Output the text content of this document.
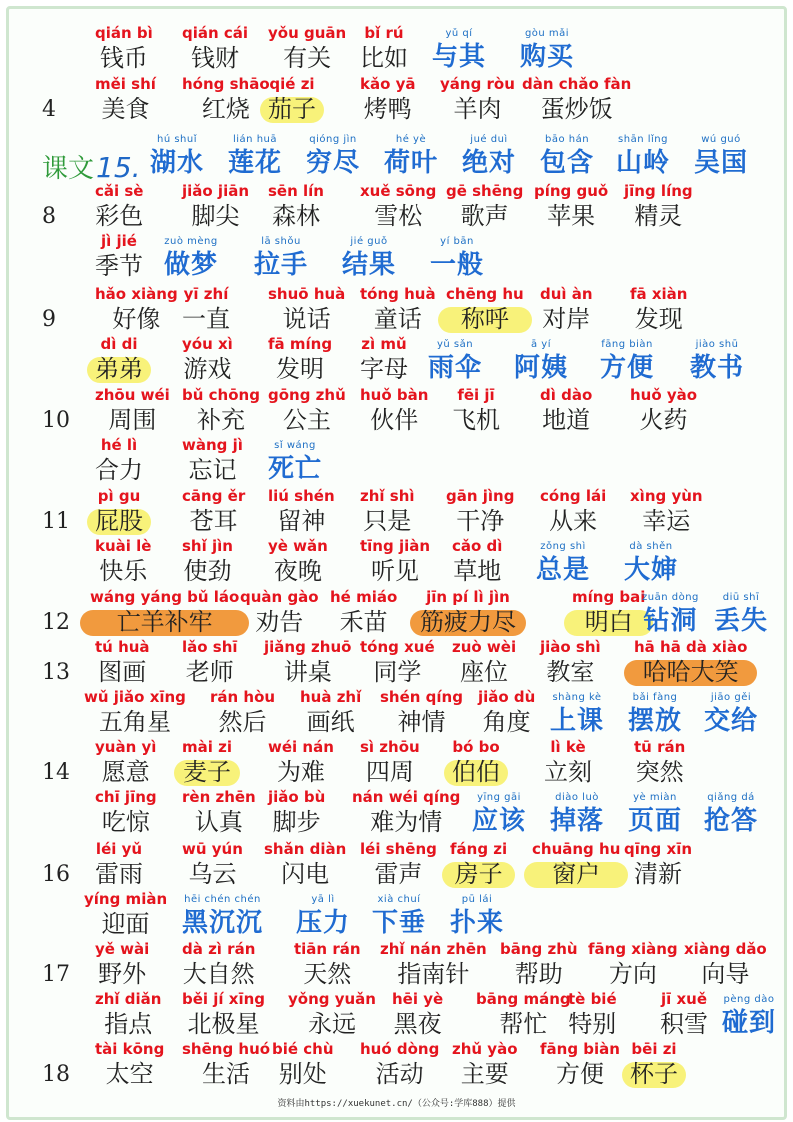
qián bì
钱币
qián cái
钱财
yǒu guān
有关
bǐ rú
比如
yǔ qí
与其
gòu mǎi
购买
4
měi shí
美食
hóng shāo
红烧
qié zi
茄子
kǎo yā
烤鸭
yáng ròu
羊肉
dàn chǎo fàn
蛋炒饭
课文15.
hú shuǐ
湖水
lián huā
莲花
qióng jìn
穷尽
hé yè
荷叶
jué duì
绝对
bāo hán
包含
shān lǐng
山岭
wú guó
吴国
8
cǎi sè
彩色
jiǎo jiān
脚尖
sēn lín
森林
xuě sōng
雪松
gē shēng
歌声
píng guǒ
苹果
jīng líng
精灵
jì jié
季节
zuò mèng
做梦
lā shǒu
拉手
jié guǒ
结果
yí bān
一般
9
hǎo xiàng
好像
yī zhí
一直
shuō huà
说话
tóng huà
童话
chēng hu
称呼
duì àn
对岸
fā xiàn
发现
dì di
弟弟
yóu xì
游戏
fā míng
发明
zì mǔ
字母
yǔ sǎn
雨伞
ā yí
阿姨
fāng biàn
方便
jiào shū
教书
10
zhōu wéi
周围
bǔ chōng
补充
gōng zhǔ
公主
huǒ bàn
伙伴
fēi jī
飞机
dì dào
地道
huǒ yào
火药
hé lì
合力
wàng jì
忘记
sǐ wáng
死亡
11
pì gu
屁股
cāng ěr
苍耳
liú shén
留神
zhǐ shì
只是
gān jìng
干净
cóng lái
从来
xìng yùn
幸运
kuài lè
快乐
shǐ jìn
使劲
yè wǎn
夜晚
tīng jiàn
听见
cǎo dì
草地
zǒng shì
总是
dà shěn
大婶
12
wáng yáng bǔ láo
亡羊补牢
quàn gào
劝告
hé miáo
禾苗
jīn pí lì jìn
筋疲力尽
míng bai
明白
zuān dòng
钻洞
diū shī
丢失
13
tú huà
图画
lǎo shī
老师
jiǎng zhuō
讲桌
tóng xué
同学
zuò wèi
座位
jiào shì
教室
hā hā dà xiào
哈哈大笑
wǔ jiǎo xīng
五角星
rán hòu
然后
huà zhǐ
画纸
shén qíng
神情
jiǎo dù
角度
shàng kè
上课
bǎi fàng
摆放
jiāo gěi
交给
14
yuàn yì
愿意
mài zi
麦子
wéi nán
为难
sì zhōu
四周
bó bo
伯伯
lì kè
立刻
tū rán
突然
chī jīng
吃惊
rèn zhēn
认真
jiǎo bù
脚步
nán wéi qíng
难为情
yīng gāi
应该
diào luò
掉落
yè miàn
页面
qiǎng dá
抢答
16
léi yǔ
雷雨
wū yún
乌云
shǎn diàn
闪电
léi shēng
雷声
fáng zi
房子
chuāng hu
窗户
qīng xīn
清新
yíng miàn
迎面
hēi chén chén
黑沉沉
yā lì
压力
xià chuí
下垂
pū lái
扑来
17
yě wài
野外
dà zì rán
大自然
tiān rán
天然
zhǐ nán zhēn
指南针
bāng zhù
帮助
fāng xiàng
方向
xiàng dǎo
向导
zhǐ diǎn
指点
běi jí xīng
北极星
yǒng yuǎn
永远
hēi yè
黑夜
bāng máng
帮忙
tè bié
特别
jī xuě
积雪
pèng dào
碰到
18
tài kōng
太空
shēng huó
生活
bié chù
别处
huó dòng
活动
zhǔ yào
主要
fāng biàn
方便
bēi zi
杯子
资料由https://xuekunet.cn/（公众号:学库888）提供
